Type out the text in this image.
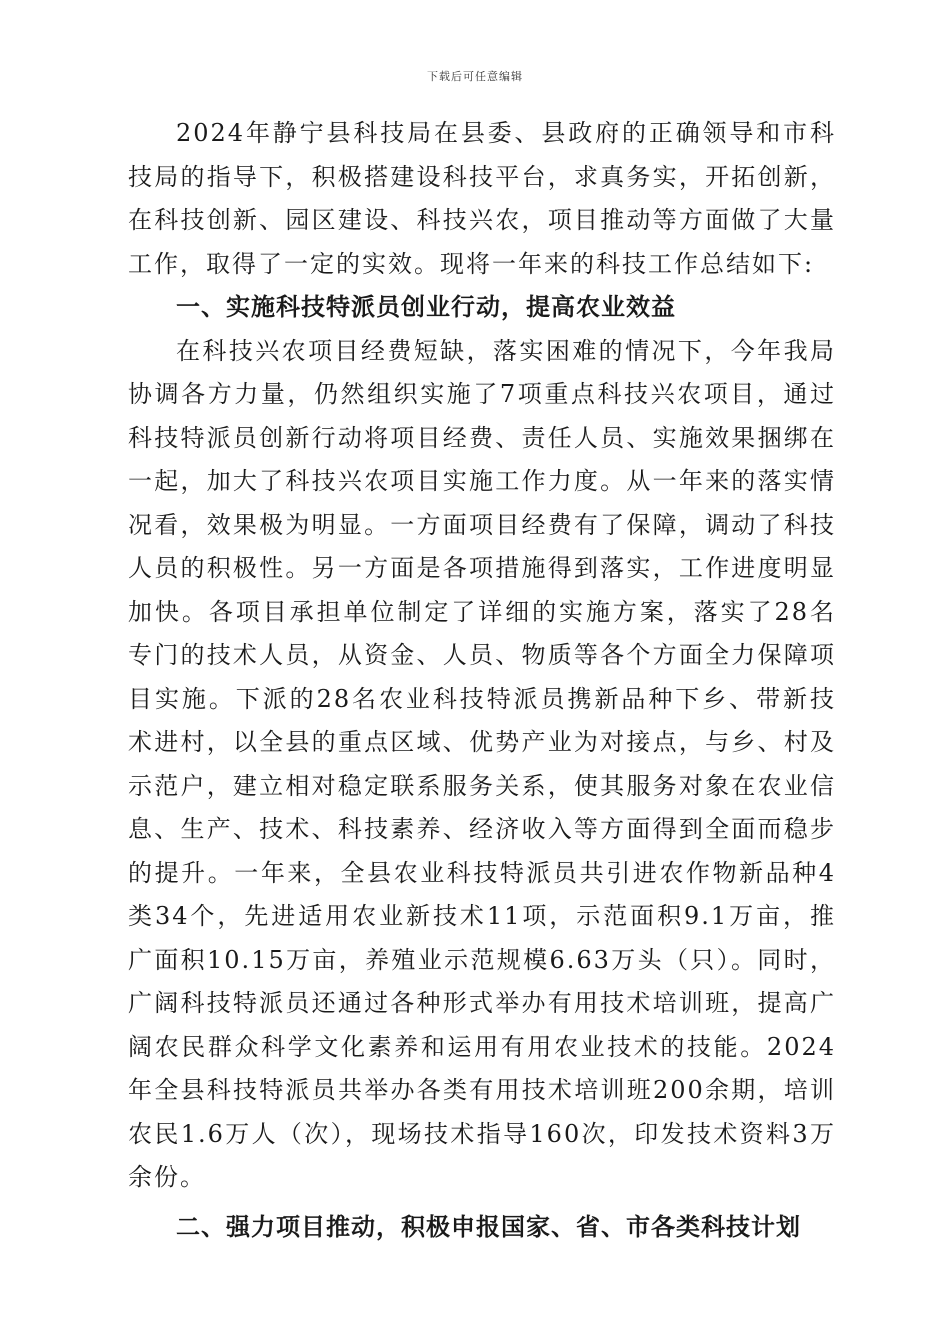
下载后可任意编辑

2024年静宁县科技局在县委、县政府的正确领导和市科技局的指导下，积极搭建设科技平台，求真务实，开拓创新，在科技创新、园区建设、科技兴农，项目推动等方面做了大量工作，取得了一定的实效。现将一年来的科技工作总结如下:

一、实施科技特派员创业行动，提高农业效益

在科技兴农项目经费短缺，落实困难的情况下，今年我局协调各方力量，仍然组织实施了7项重点科技兴农项目，通过科技特派员创新行动将项目经费、责任人员、实施效果捆绑在一起，加大了科技兴农项目实施工作力度。从一年来的落实情况看，效果极为明显。一方面项目经费有了保障，调动了科技人员的积极性。另一方面是各项措施得到落实，工作进度明显加快。各项目承担单位制定了详细的实施方案，落实了28名专门的技术人员，从资金、人员、物质等各个方面全力保障项目实施。下派的28名农业科技特派员携新品种下乡、带新技术进村，以全县的重点区域、优势产业为对接点，与乡、村及示范户，建立相对稳定联系服务关系，使其服务对象在农业信息、生产、技术、科技素养、经济收入等方面得到全面而稳步的提升。一年来，全县农业科技特派员共引进农作物新品种4类34个，先进适用农业新技术11项，示范面积9.1万亩，推广面积10.15万亩，养殖业示范规模6.63万头（只）。同时，广阔科技特派员还通过各种形式举办有用技术培训班，提高广阔农民群众科学文化素养和运用有用农业技术的技能。2024年全县科技特派员共举办各类有用技术培训班200余期，培训农民1.6万人（次），现场技术指导160次，印发技术资料3万余份。

二、强力项目推动，积极申报国家、省、市各类科技计划
